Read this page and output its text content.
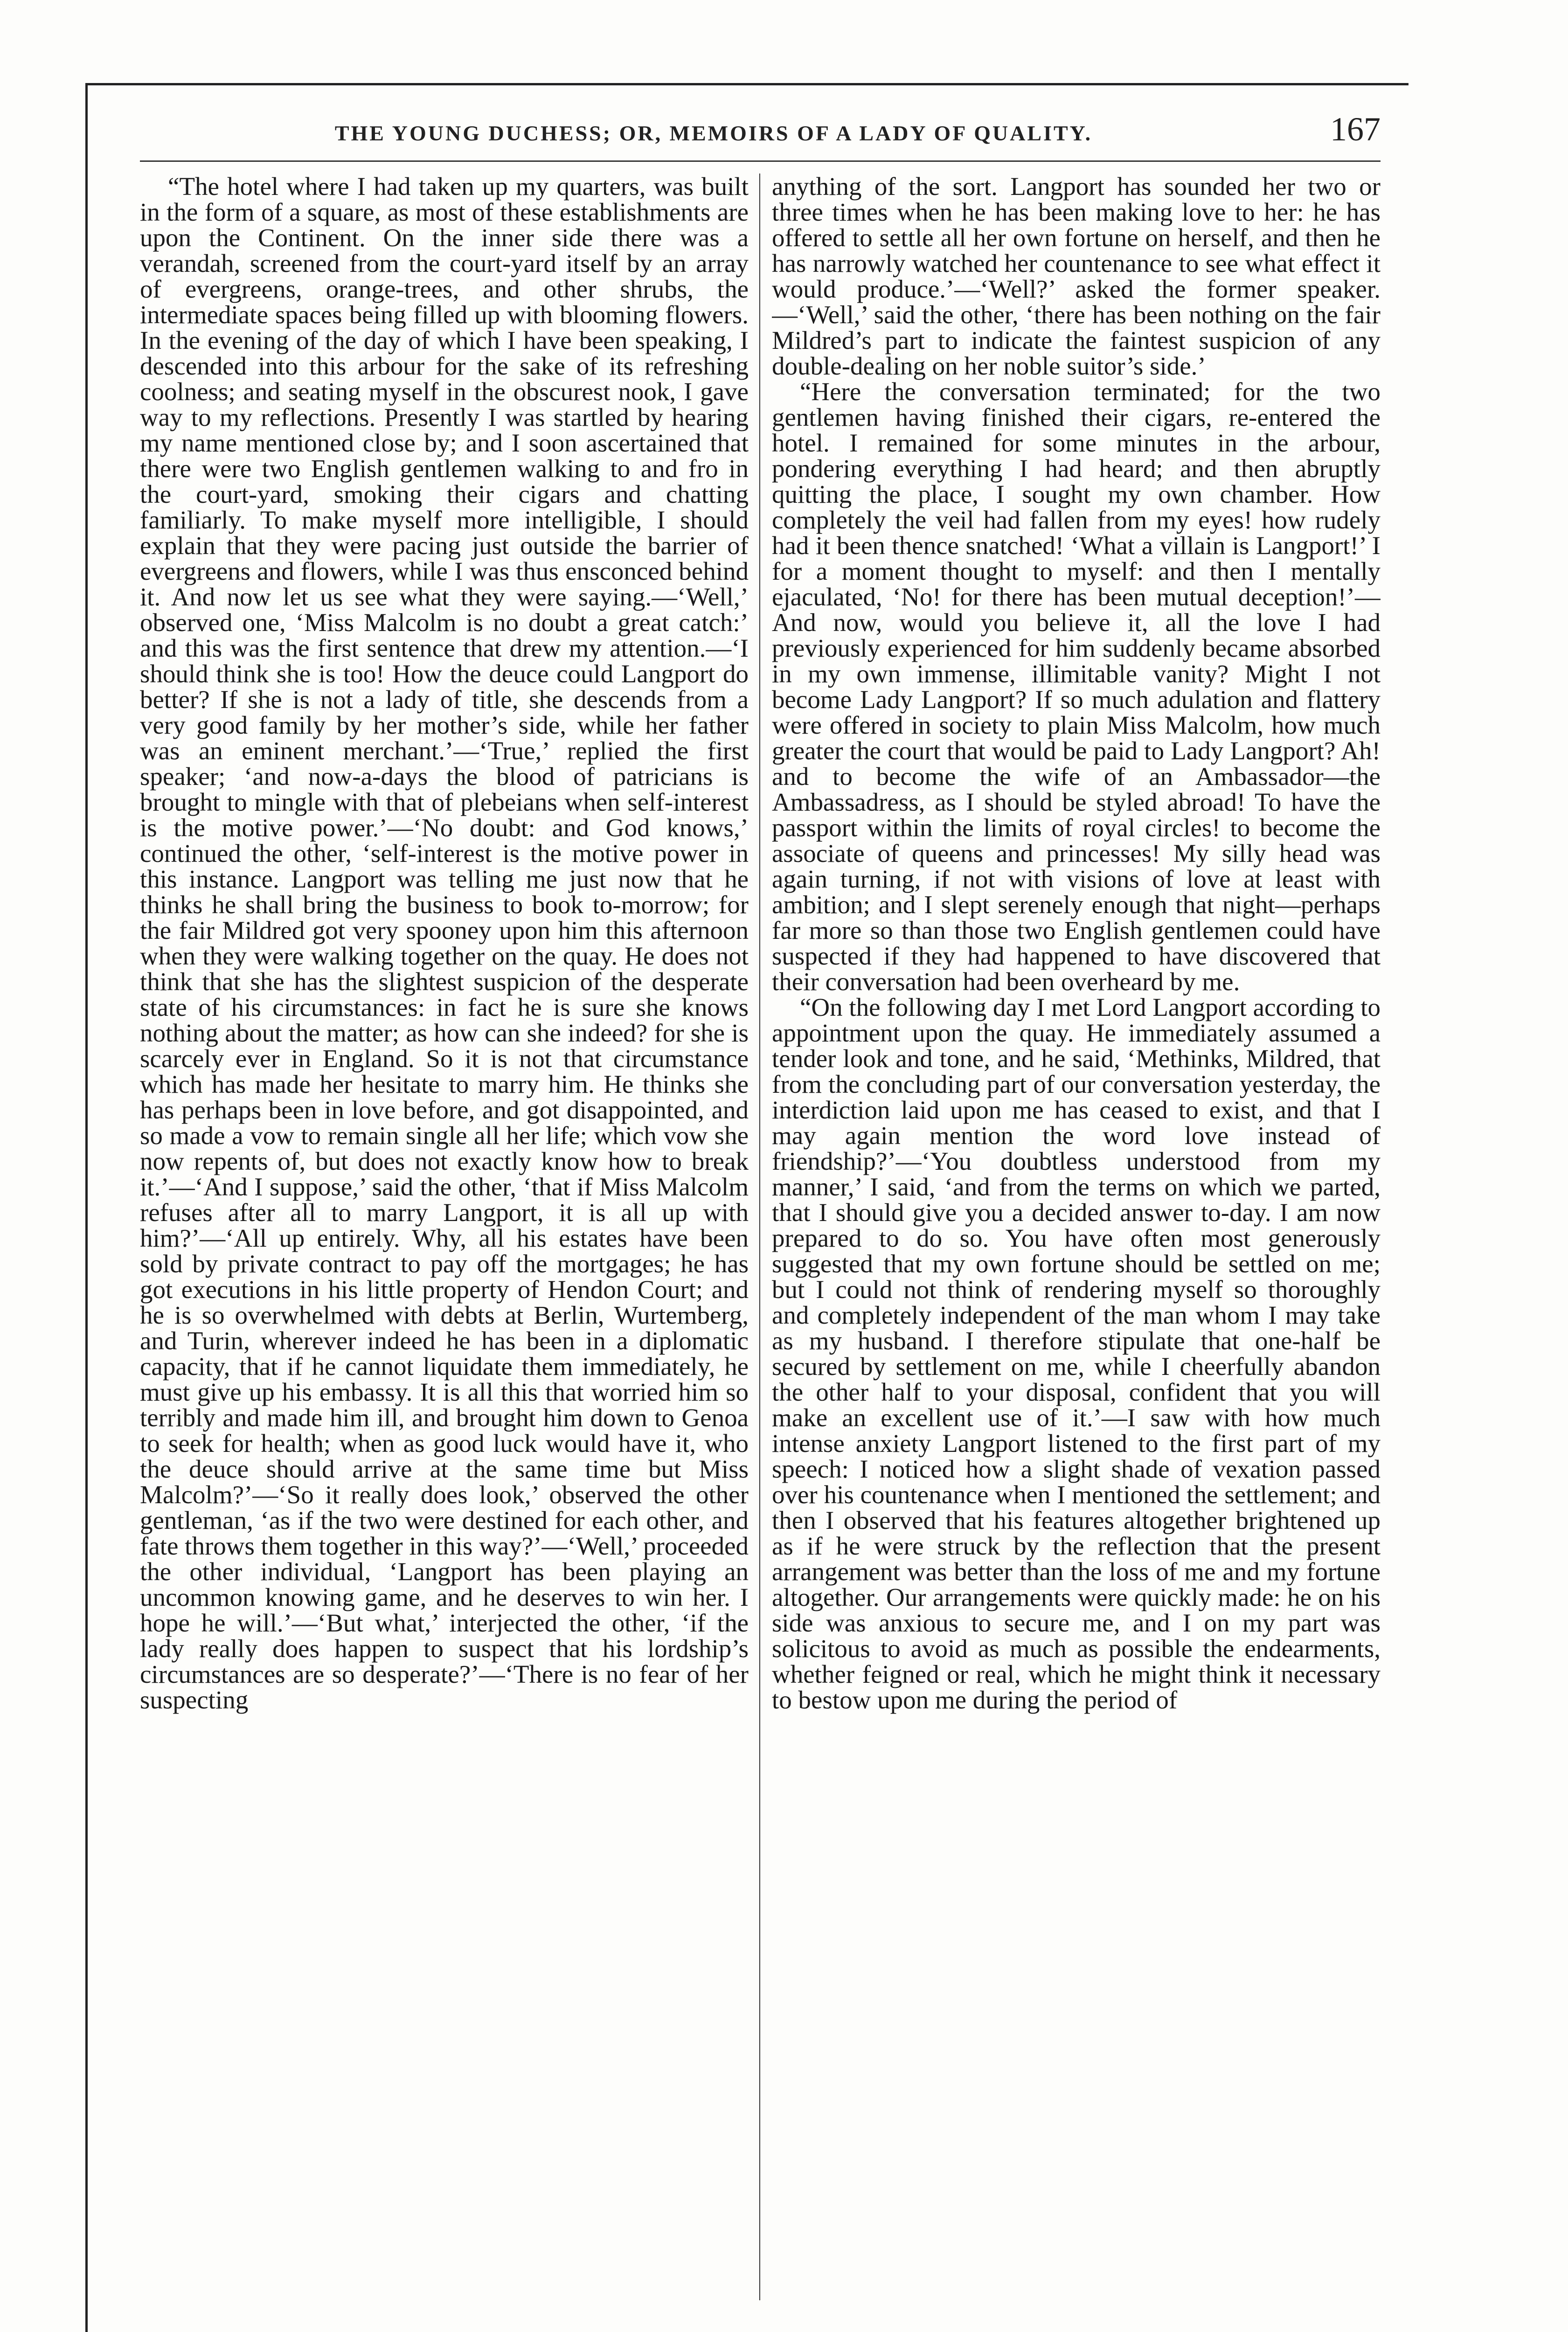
THE YOUNG DUCHESS; OR, MEMOIRS OF A LADY OF QUALITY.	167

“The hotel where I had taken up my quarters, was built in the form of a square, as most of these establishments are upon the Continent. On the inner side there was a verandah, screened from the court-yard itself by an array of evergreens, orange-trees, and other shrubs, the intermediate spaces being filled up with blooming flowers. In the evening of the day of which I have been speaking, I descended into this arbour for the sake of its refreshing coolness; and seating myself in the obscurest nook, I gave way to my reflections. Presently I was startled by hearing my name mentioned close by; and I soon ascertained that there were two English gentlemen walking to and fro in the court-yard, smoking their cigars and chatting familiarly. To make myself more intelligible, I should explain that they were pacing just outside the barrier of evergreens and flowers, while I was thus ensconced behind it. And now let us see what they were saying.—‘Well,’ observed one, ‘Miss Malcolm is no doubt a great catch:’ and this was the first sentence that drew my attention.—‘I should think she is too! How the deuce could Langport do better? If she is not a lady of title, she descends from a very good family by her mother’s side, while her father was an eminent merchant.’—‘True,’ replied the first speaker; ‘and now-a-days the blood of patricians is brought to mingle with that of plebeians when self-interest is the motive power.’—‘No doubt: and God knows,’ continued the other, ‘self-interest is the motive power in this instance. Langport was telling me just now that he thinks he shall bring the business to book to-morrow; for the fair Mildred got very spooney upon him this afternoon when they were walking together on the quay. He does not think that she has the slightest suspicion of the desperate state of his circumstances: in fact he is sure she knows nothing about the matter; as how can she indeed? for she is scarcely ever in England. So it is not that circumstance which has made her hesitate to marry him. He thinks she has perhaps been in love before, and got disappointed, and so made a vow to remain single all her life; which vow she now repents of, but does not exactly know how to break it.’—‘And I suppose,’ said the other, ‘that if Miss Malcolm refuses after all to marry Langport, it is all up with him?’—‘All up entirely. Why, all his estates have been sold by private contract to pay off the mortgages; he has got executions in his little property of Hendon Court; and he is so overwhelmed with debts at Berlin, Wurtemberg, and Turin, wherever indeed he has been in a diplomatic capacity, that if he cannot liquidate them immediately, he must give up his embassy. It is all this that worried him so terribly and made him ill, and brought him down to Genoa to seek for health; when as good luck would have it, who the deuce should arrive at the same time but Miss Malcolm?’—‘So it really does look,’ observed the other gentleman, ‘as if the two were destined for each other, and fate throws them together in this way?’—‘Well,’ proceeded the other individual, ‘Langport has been playing an uncommon knowing game, and he deserves to win her. I hope he will.’—‘But what,’ interjected the other, ‘if the lady really does happen to suspect that his lordship’s circumstances are so desperate?’—‘There is no fear of her suspecting

anything of the sort. Langport has sounded her two or three times when he has been making love to her: he has offered to settle all her own fortune on herself, and then he has narrowly watched her countenance to see what effect it would produce.’—‘Well?’ asked the former speaker.—‘Well,’ said the other, ‘there has been nothing on the fair Mildred’s part to indicate the faintest suspicion of any double-dealing on her noble suitor’s side.’

“Here the conversation terminated; for the two gentlemen having finished their cigars, re-entered the hotel. I remained for some minutes in the arbour, pondering everything I had heard; and then abruptly quitting the place, I sought my own chamber. How completely the veil had fallen from my eyes! how rudely had it been thence snatched! ‘What a villain is Langport!’ I for a moment thought to myself: and then I mentally ejaculated, ‘No! for there has been mutual deception!’—And now, would you believe it, all the love I had previously experienced for him suddenly became absorbed in my own immense, illimitable vanity? Might I not become Lady Langport? If so much adulation and flattery were offered in society to plain Miss Malcolm, how much greater the court that would be paid to Lady Langport? Ah! and to become the wife of an Ambassador—the Ambassadress, as I should be styled abroad! To have the passport within the limits of royal circles! to become the associate of queens and princesses! My silly head was again turning, if not with visions of love at least with ambition; and I slept serenely enough that night—perhaps far more so than those two English gentlemen could have suspected if they had happened to have discovered that their conversation had been overheard by me.

“On the following day I met Lord Langport according to appointment upon the quay. He immediately assumed a tender look and tone, and he said, ‘Methinks, Mildred, that from the concluding part of our conversation yesterday, the interdiction laid upon me has ceased to exist, and that I may again mention the word love instead of friendship?’—‘You doubtless understood from my manner,’ I said, ‘and from the terms on which we parted, that I should give you a decided answer to-day. I am now prepared to do so. You have often most generously suggested that my own fortune should be settled on me; but I could not think of rendering myself so thoroughly and completely independent of the man whom I may take as my husband. I therefore stipulate that one-half be secured by settlement on me, while I cheerfully abandon the other half to your disposal, confident that you will make an excellent use of it.’—I saw with how much intense anxiety Langport listened to the first part of my speech: I noticed how a slight shade of vexation passed over his countenance when I mentioned the settlement; and then I observed that his features altogether brightened up as if he were struck by the reflection that the present arrangement was better than the loss of me and my fortune altogether. Our arrangements were quickly made: he on his side was anxious to secure me, and I on my part was solicitous to avoid as much as possible the endearments, whether feigned or real, which he might think it necessary to bestow upon me during the period of
